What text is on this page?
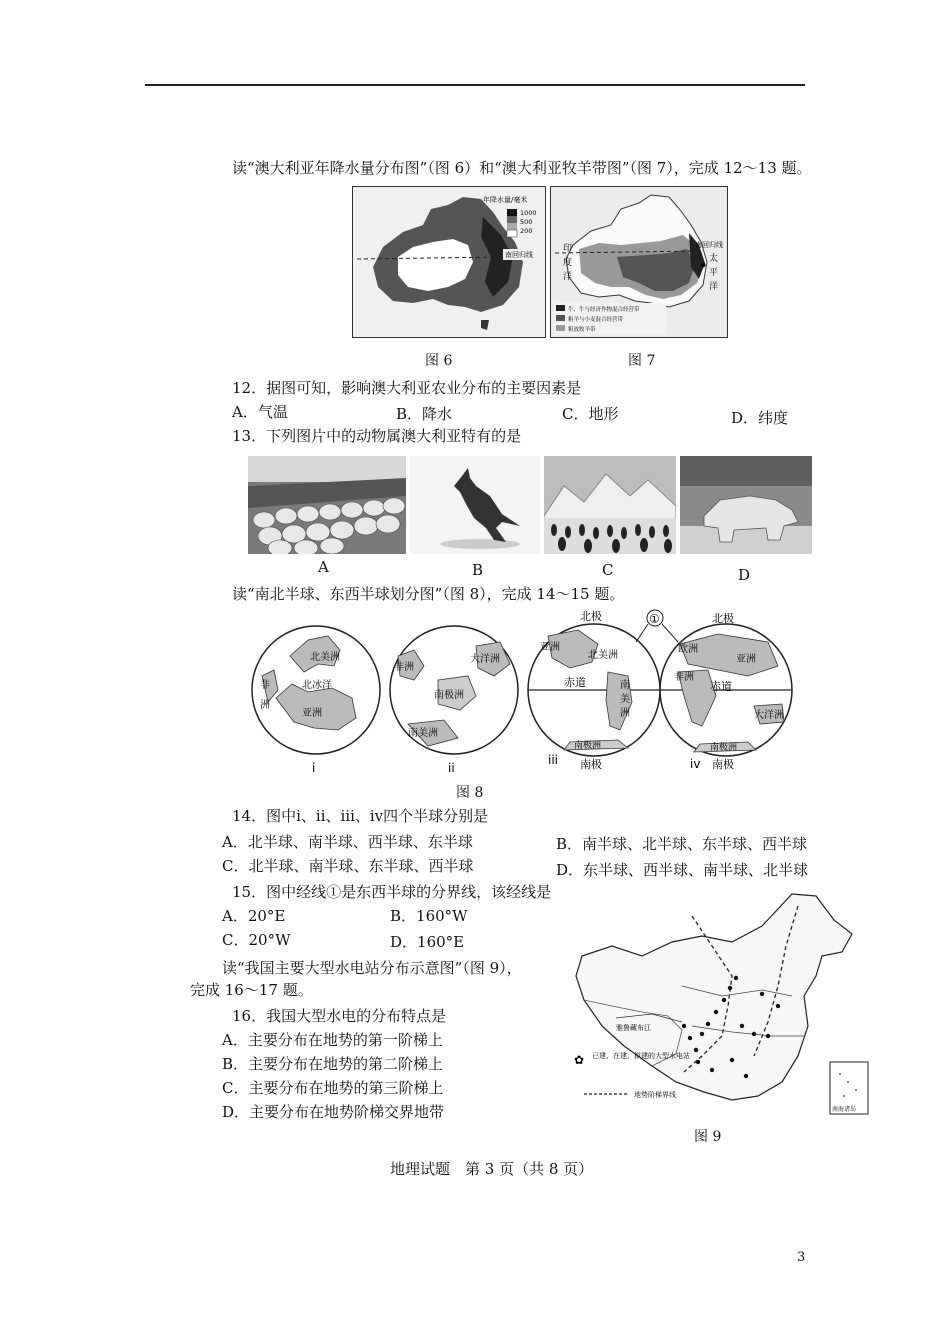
读“澳大利亚年降水量分布图”（图 6）和“澳大利亚牧羊带图”（图 7），完成 12～13 题。
年降水量/毫米
1000
500
200
南回归线
图 6
牛、牛与经济作物混合经营带
粗羊与小麦混合经营带
粗放牧羊带
印
度
洋
太
平
洋
南回归线
图 7
12．据图可知，影响澳大利亚农业分布的主要因素是
A．气温	B．降水	C．地形	D．纬度
13．下列图片中的动物属澳大利亚特有的是
A	B	C	D
读“南北半球、东西半球划分图”（图 8），完成 14～15 题。
北美洲
非
洲
北冰洋
亚洲
i
非洲
大洋洲
南极洲
南美洲
ii
北极
亚洲
北美洲
赤道	南
美
洲
南极洲
南极
iii
①	北极
欧洲
亚洲
非洲
赤道
大洋洲
南极洲
南极
iv
图 8
14．图中ⅰ、ⅱ、ⅲ、ⅳ四个半球分别是
A．北半球、南半球、西半球、东半球	B．南半球、北半球、东半球、西半球
C．北半球、南半球、东半球、西半球	D．东半球、西半球、南半球、北半球
15．图中经线①是东西半球的分界线，该经线是
A．20°E	B．160°W
C．20°W	D．160°E
读“我国主要大型水电站分布示意图”（图 9），
完成 16～17 题。
16．我国大型水电的分布特点是
A．主要分布在地势的第一阶梯上
B．主要分布在地势的第二阶梯上
C．主要分布在地势的第三阶梯上
D．主要分布在地势阶梯交界地带
雅鲁藏布江
✿ 已建、在建、拟建的大型水电站
地势阶梯界线
南海诸岛
图 9
地理试题　第 3 页（共 8 页）
3
